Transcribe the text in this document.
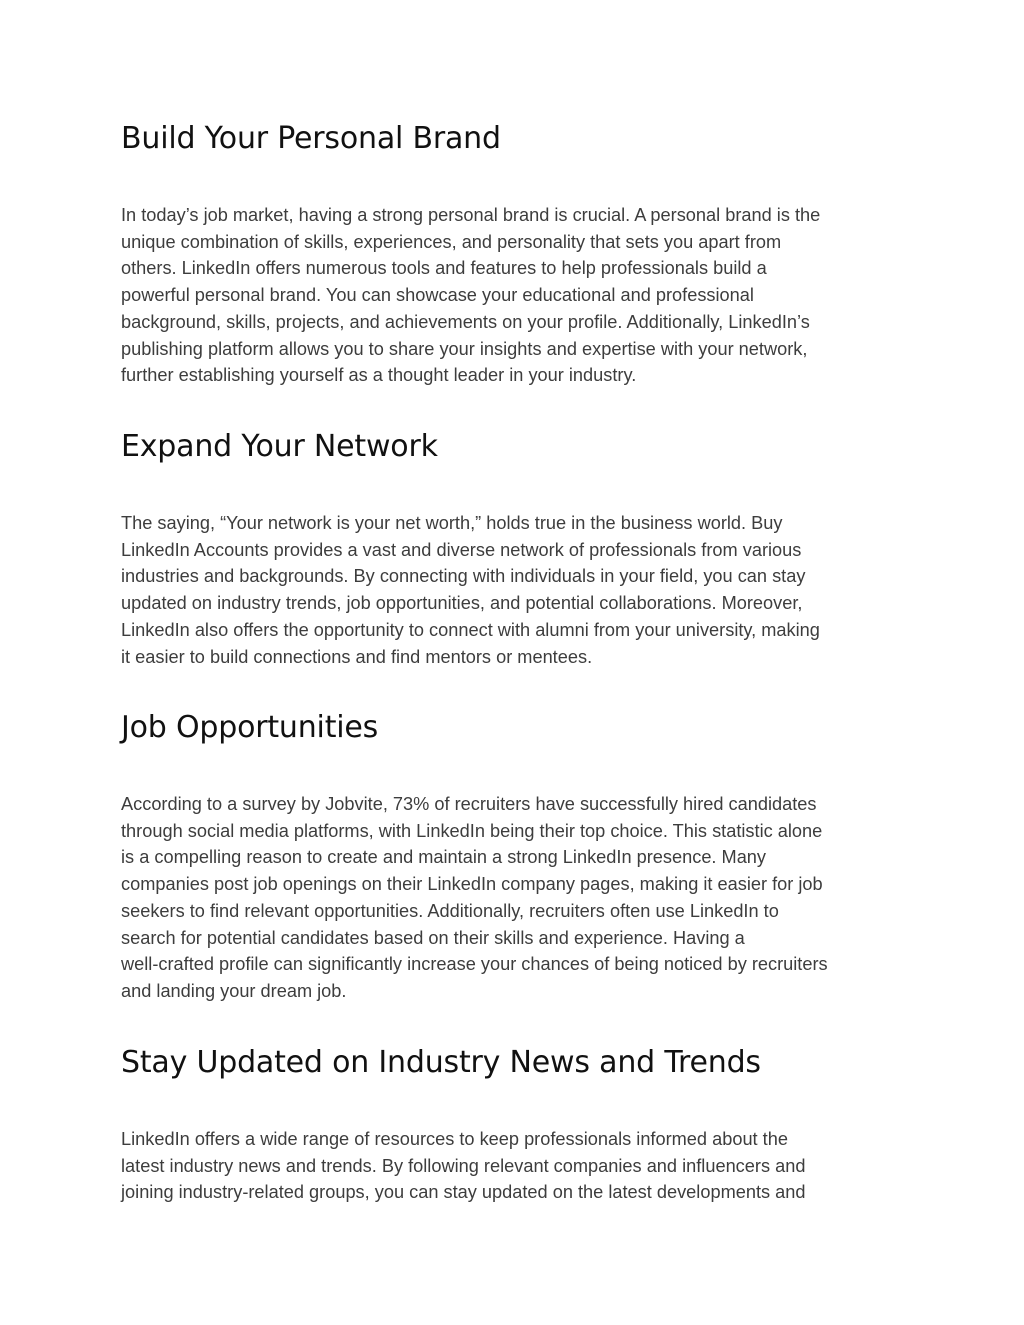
Build Your Personal Brand
In today’s job market, having a strong personal brand is crucial. A personal brand is the
unique combination of skills, experiences, and personality that sets you apart from
others. LinkedIn offers numerous tools and features to help professionals build a
powerful personal brand. You can showcase your educational and professional
background, skills, projects, and achievements on your profile. Additionally, LinkedIn’s
publishing platform allows you to share your insights and expertise with your network,
further establishing yourself as a thought leader in your industry.
Expand Your Network
The saying, “Your network is your net worth,” holds true in the business world. Buy
LinkedIn Accounts provides a vast and diverse network of professionals from various
industries and backgrounds. By connecting with individuals in your field, you can stay
updated on industry trends, job opportunities, and potential collaborations. Moreover,
LinkedIn also offers the opportunity to connect with alumni from your university, making
it easier to build connections and find mentors or mentees.
Job Opportunities
According to a survey by Jobvite, 73% of recruiters have successfully hired candidates
through social media platforms, with LinkedIn being their top choice. This statistic alone
is a compelling reason to create and maintain a strong LinkedIn presence. Many
companies post job openings on their LinkedIn company pages, making it easier for job
seekers to find relevant opportunities. Additionally, recruiters often use LinkedIn to
search for potential candidates based on their skills and experience. Having a
well-crafted profile can significantly increase your chances of being noticed by recruiters
and landing your dream job.
Stay Updated on Industry News and Trends
LinkedIn offers a wide range of resources to keep professionals informed about the
latest industry news and trends. By following relevant companies and influencers and
joining industry-related groups, you can stay updated on the latest developments and
